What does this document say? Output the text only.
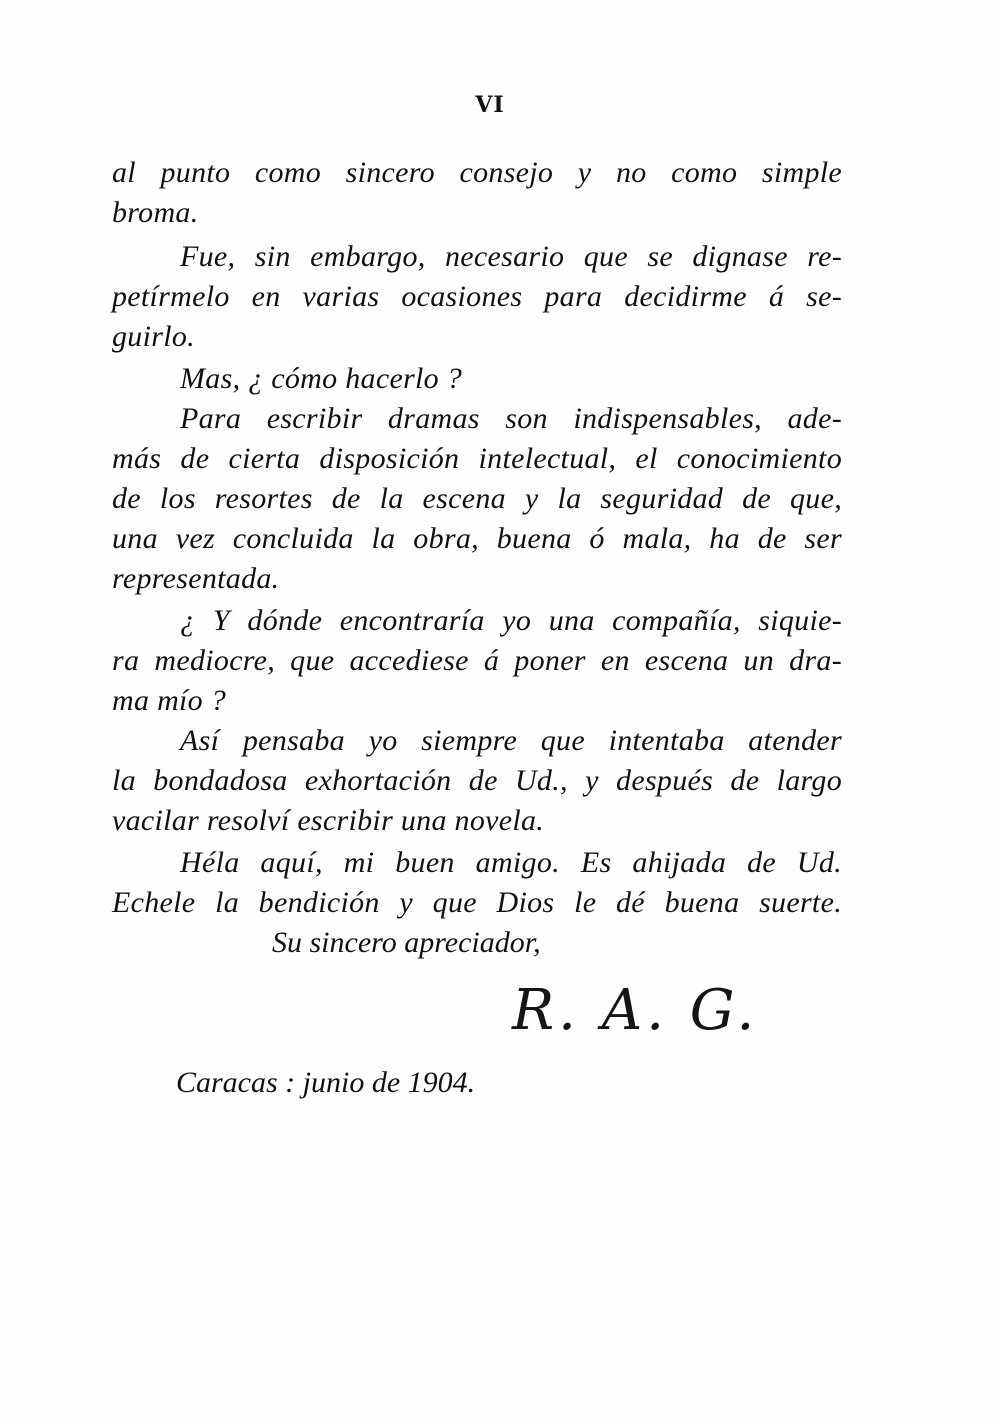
VI
al punto como sincero consejo y no como simple
broma.
Fue, sin embargo, necesario que se dignase re-
petírmelo en varias ocasiones para decidirme á se-
guirlo.
Mas, ¿ cómo hacerlo ?
Para escribir dramas son indispensables, ade-
más de cierta disposición intelectual, el conocimiento
de los resortes de la escena y la seguridad de que,
una vez concluida la obra, buena ó mala, ha de ser
representada.
¿ Y dónde encontraría yo una compañía, siquie-
ra mediocre, que accediese á poner en escena un dra-
ma mío ?
Así pensaba yo siempre que intentaba atender
la bondadosa exhortación de Ud., y después de largo
vacilar resolví escribir una novela.
Héla aquí, mi buen amigo. Es ahijada de Ud.
Echele la bendición y que Dios le dé buena suerte.
Su sincero apreciador,
R. A. G.
Caracas : junio de 1904.
